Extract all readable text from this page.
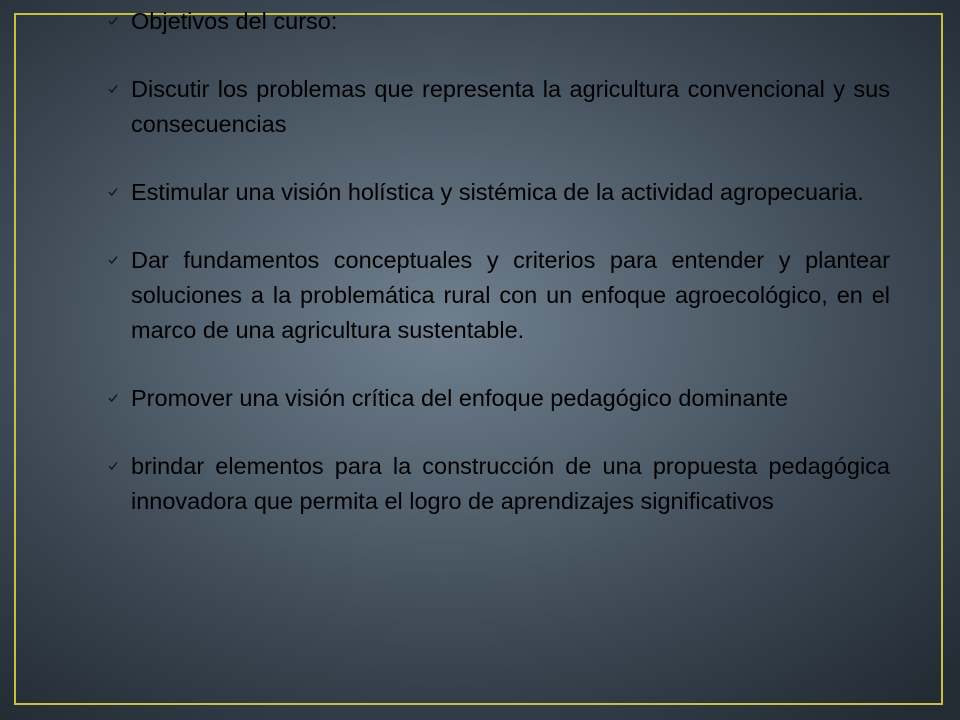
Objetivos del curso:
Discutir los problemas que representa la agricultura convencional y sus consecuencias
Estimular una visión holística y sistémica de la actividad agropecuaria.
Dar fundamentos conceptuales y criterios para entender y plantear soluciones a la problemática rural con un enfoque agroecológico, en el marco de una agricultura sustentable.
Promover una visión crítica del enfoque pedagógico dominante
brindar elementos para la construcción de una propuesta pedagógica innovadora que permita el logro de aprendizajes significativos
